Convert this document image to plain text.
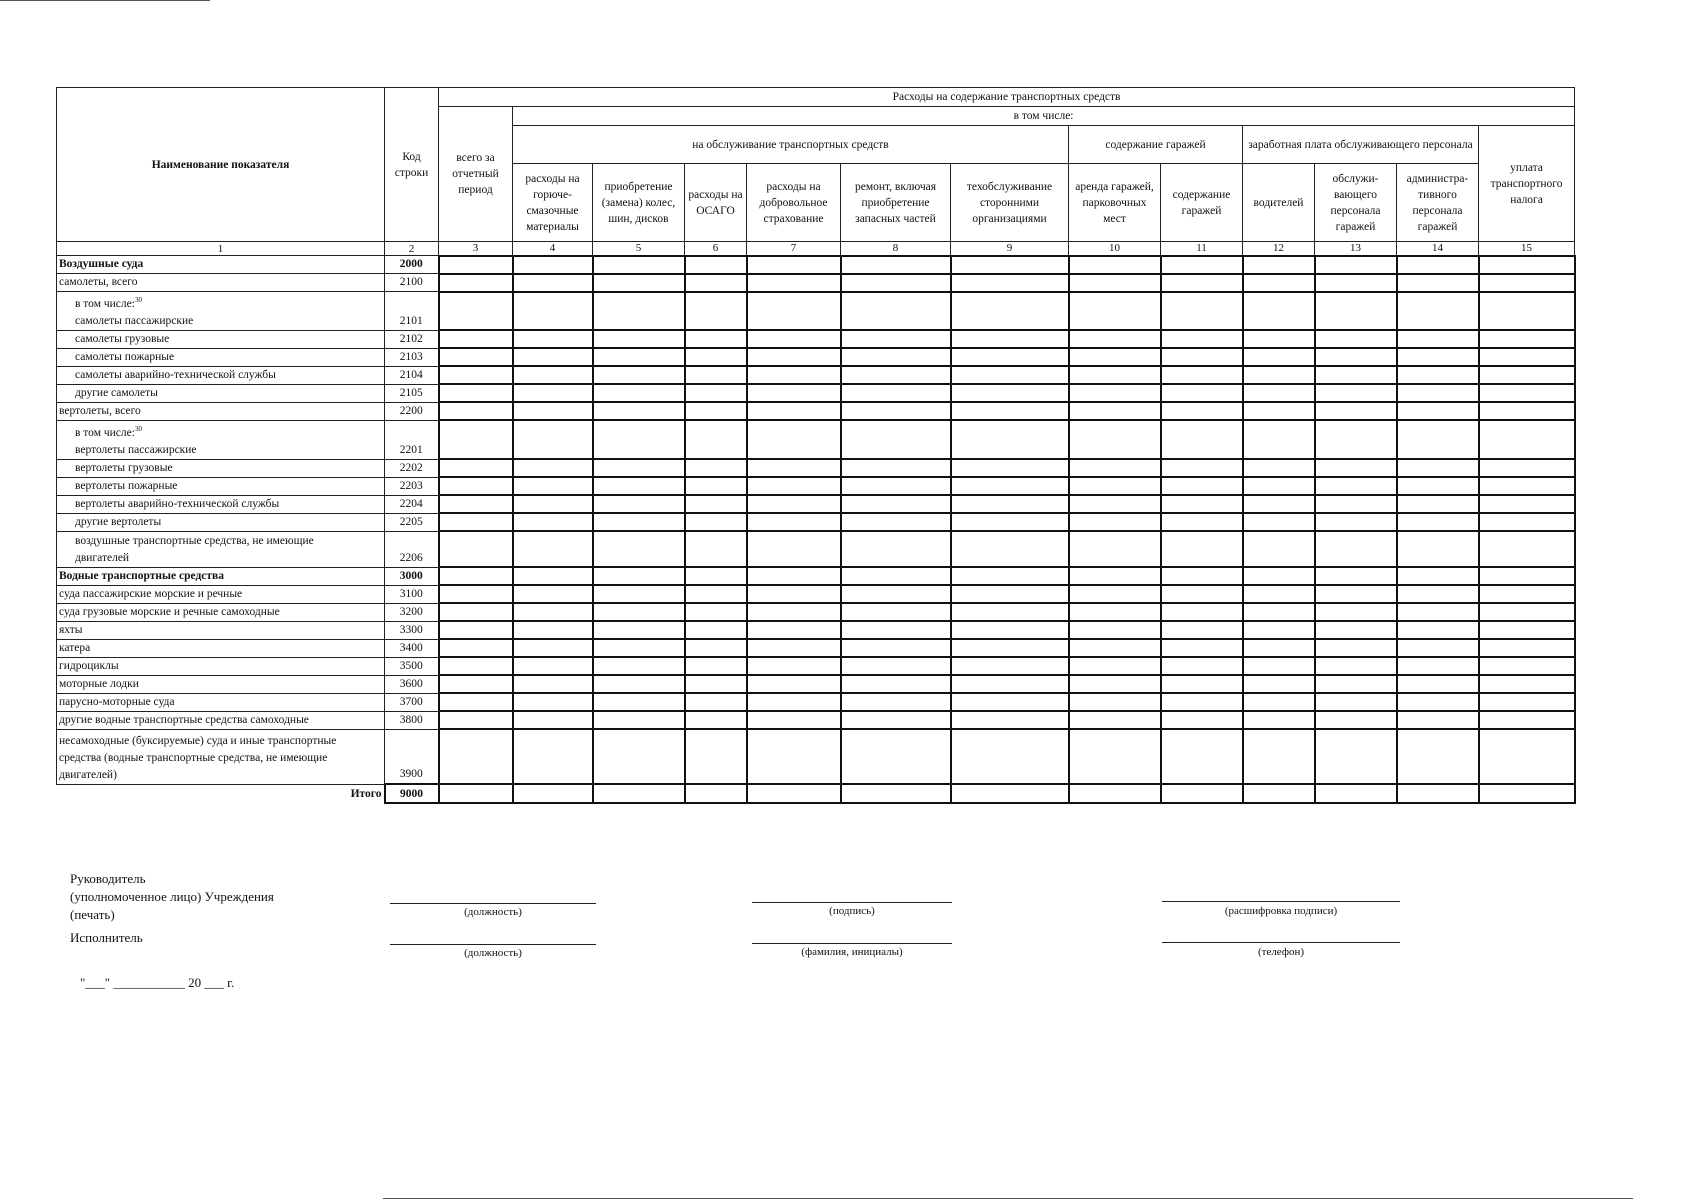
Наименование показателя	Код строки	Расходы на содержание транспортных средств												
		всего за отчетный период	в том числе:											
			на обслуживание транспортных средств						содержание гаражей		заработная плата обслуживающего персонала			уплата транспортного налога
			расходы на горюче-смазочные материалы	приобретение (замена) колес, шин, дисков	расходы на ОСАГО	расходы на добровольное страхование	ремонт, включая приобретение запасных частей	техобслуживание сторонними организациями	аренда гаражей, парковочных мест	содержание гаражей	водителей	обслужи-вающего персонала гаражей	администра-тивного персонала гаражей	
1	2	3	4	5	6	7	8	9	10	11	12	13	14	15

Воздушные суда	2000													

самолеты, всего	2100													

в том числе:$^{30}$
самолеты пассажирские	2101													

самолеты грузовые	2102													

самолеты пожарные	2103													

самолеты аварийно-технической службы	2104													

другие самолеты	2105													

вертолеты, всего	2200													

в том числе:$^{30}$
вертолеты пассажирские	2201													

вертолеты грузовые	2202													

вертолеты пожарные	2203													

вертолеты аварийно-технической службы	2204													

другие вертолеты	2205													

воздушные транспортные средства, не имеющие
двигателей	2206													

Водные транспортные средства	3000													

суда пассажирские морские и речные	3100													

суда грузовые морские и речные самоходные	3200													

яхты	3300													

катера	3400													

гидроциклы	3500													

моторные лодки	3600													

парусно-моторные суда	3700													

другие водные транспортные средства самоходные	3800													

несамоходные (буксируемые) суда и иные транспортные
средства (водные транспортные средства, не имеющие
двигателей)	3900													
Итого	9000													
Руководитель
(уполномоченное лицо) Учреждения
(печать)
Исполнитель
(должность)	(подпись)	(расшифровка подписи)
(должность)	(фамилия, инициалы)	(телефон)
"___" ___________ 20 ___ г.
